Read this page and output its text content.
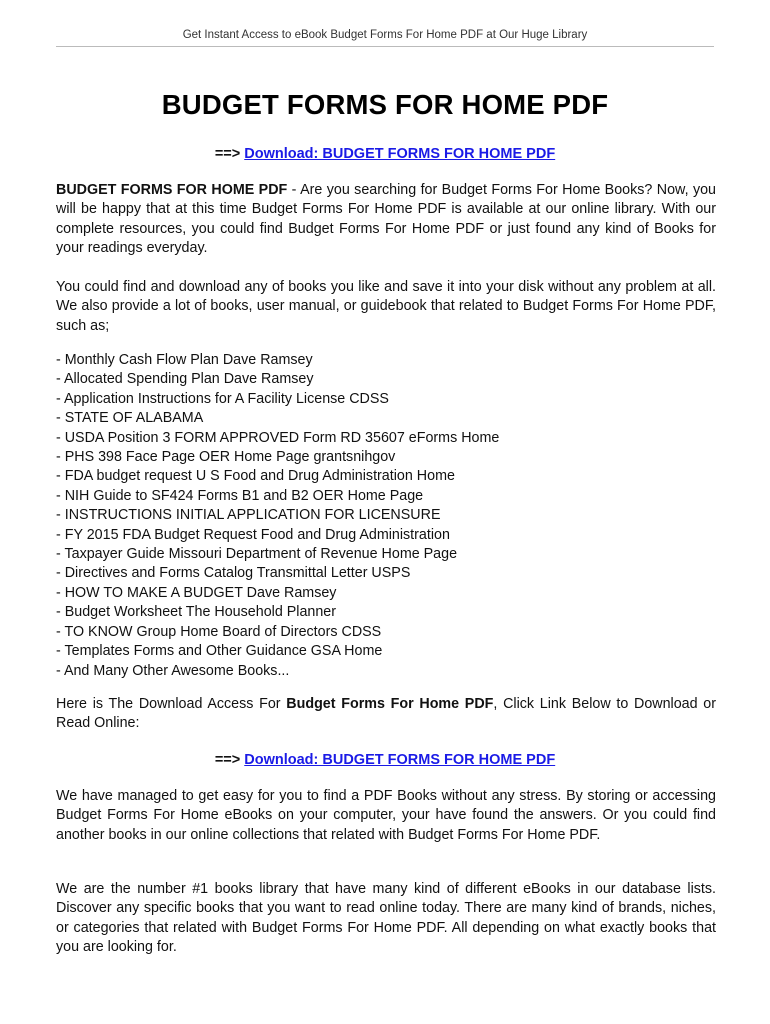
Get Instant Access to eBook Budget Forms For Home PDF at Our Huge Library
BUDGET FORMS FOR HOME PDF
==> Download: BUDGET FORMS FOR HOME PDF

BUDGET FORMS FOR HOME PDF - Are you searching for Budget Forms For Home Books? Now, you will be happy that at this time Budget Forms For Home PDF is available at our online library. With our complete resources, you could find Budget Forms For Home PDF or just found any kind of Books for your readings everyday.

You could find and download any of books you like and save it into your disk without any problem at all. We also provide a lot of books, user manual, or guidebook that related to Budget Forms For Home PDF, such as;

- Monthly Cash Flow Plan Dave Ramsey
- Allocated Spending Plan Dave Ramsey
- Application Instructions for A Facility License CDSS
- STATE OF ALABAMA
- USDA Position 3 FORM APPROVED Form RD 35607 eForms Home
- PHS 398 Face Page OER Home Page grantsnihgov
- FDA budget request U S Food and Drug Administration Home
- NIH Guide to SF424 Forms B1 and B2 OER Home Page
- INSTRUCTIONS INITIAL APPLICATION FOR LICENSURE
- FY 2015 FDA Budget Request Food and Drug Administration
- Taxpayer Guide Missouri Department of Revenue Home Page
- Directives and Forms Catalog Transmittal Letter USPS
- HOW TO MAKE A BUDGET Dave Ramsey
- Budget Worksheet The Household Planner
- TO KNOW Group Home Board of Directors CDSS
- Templates Forms and Other Guidance GSA Home
- And Many Other Awesome Books...

Here is The Download Access For Budget Forms For Home PDF, Click Link Below to Download or Read Online:

==> Download: BUDGET FORMS FOR HOME PDF

We have managed to get easy for you to find a PDF Books without any stress. By storing or accessing Budget Forms For Home eBooks on your computer, your have found the answers. Or you could find another books in our online collections that related with Budget Forms For Home PDF.

We are the number #1 books library that have many kind of different eBooks in our database lists. Discover any specific books that you want to read online today. There are many kind of brands, niches, or categories that related with Budget Forms For Home PDF. All depending on what exactly books that you are looking for.
